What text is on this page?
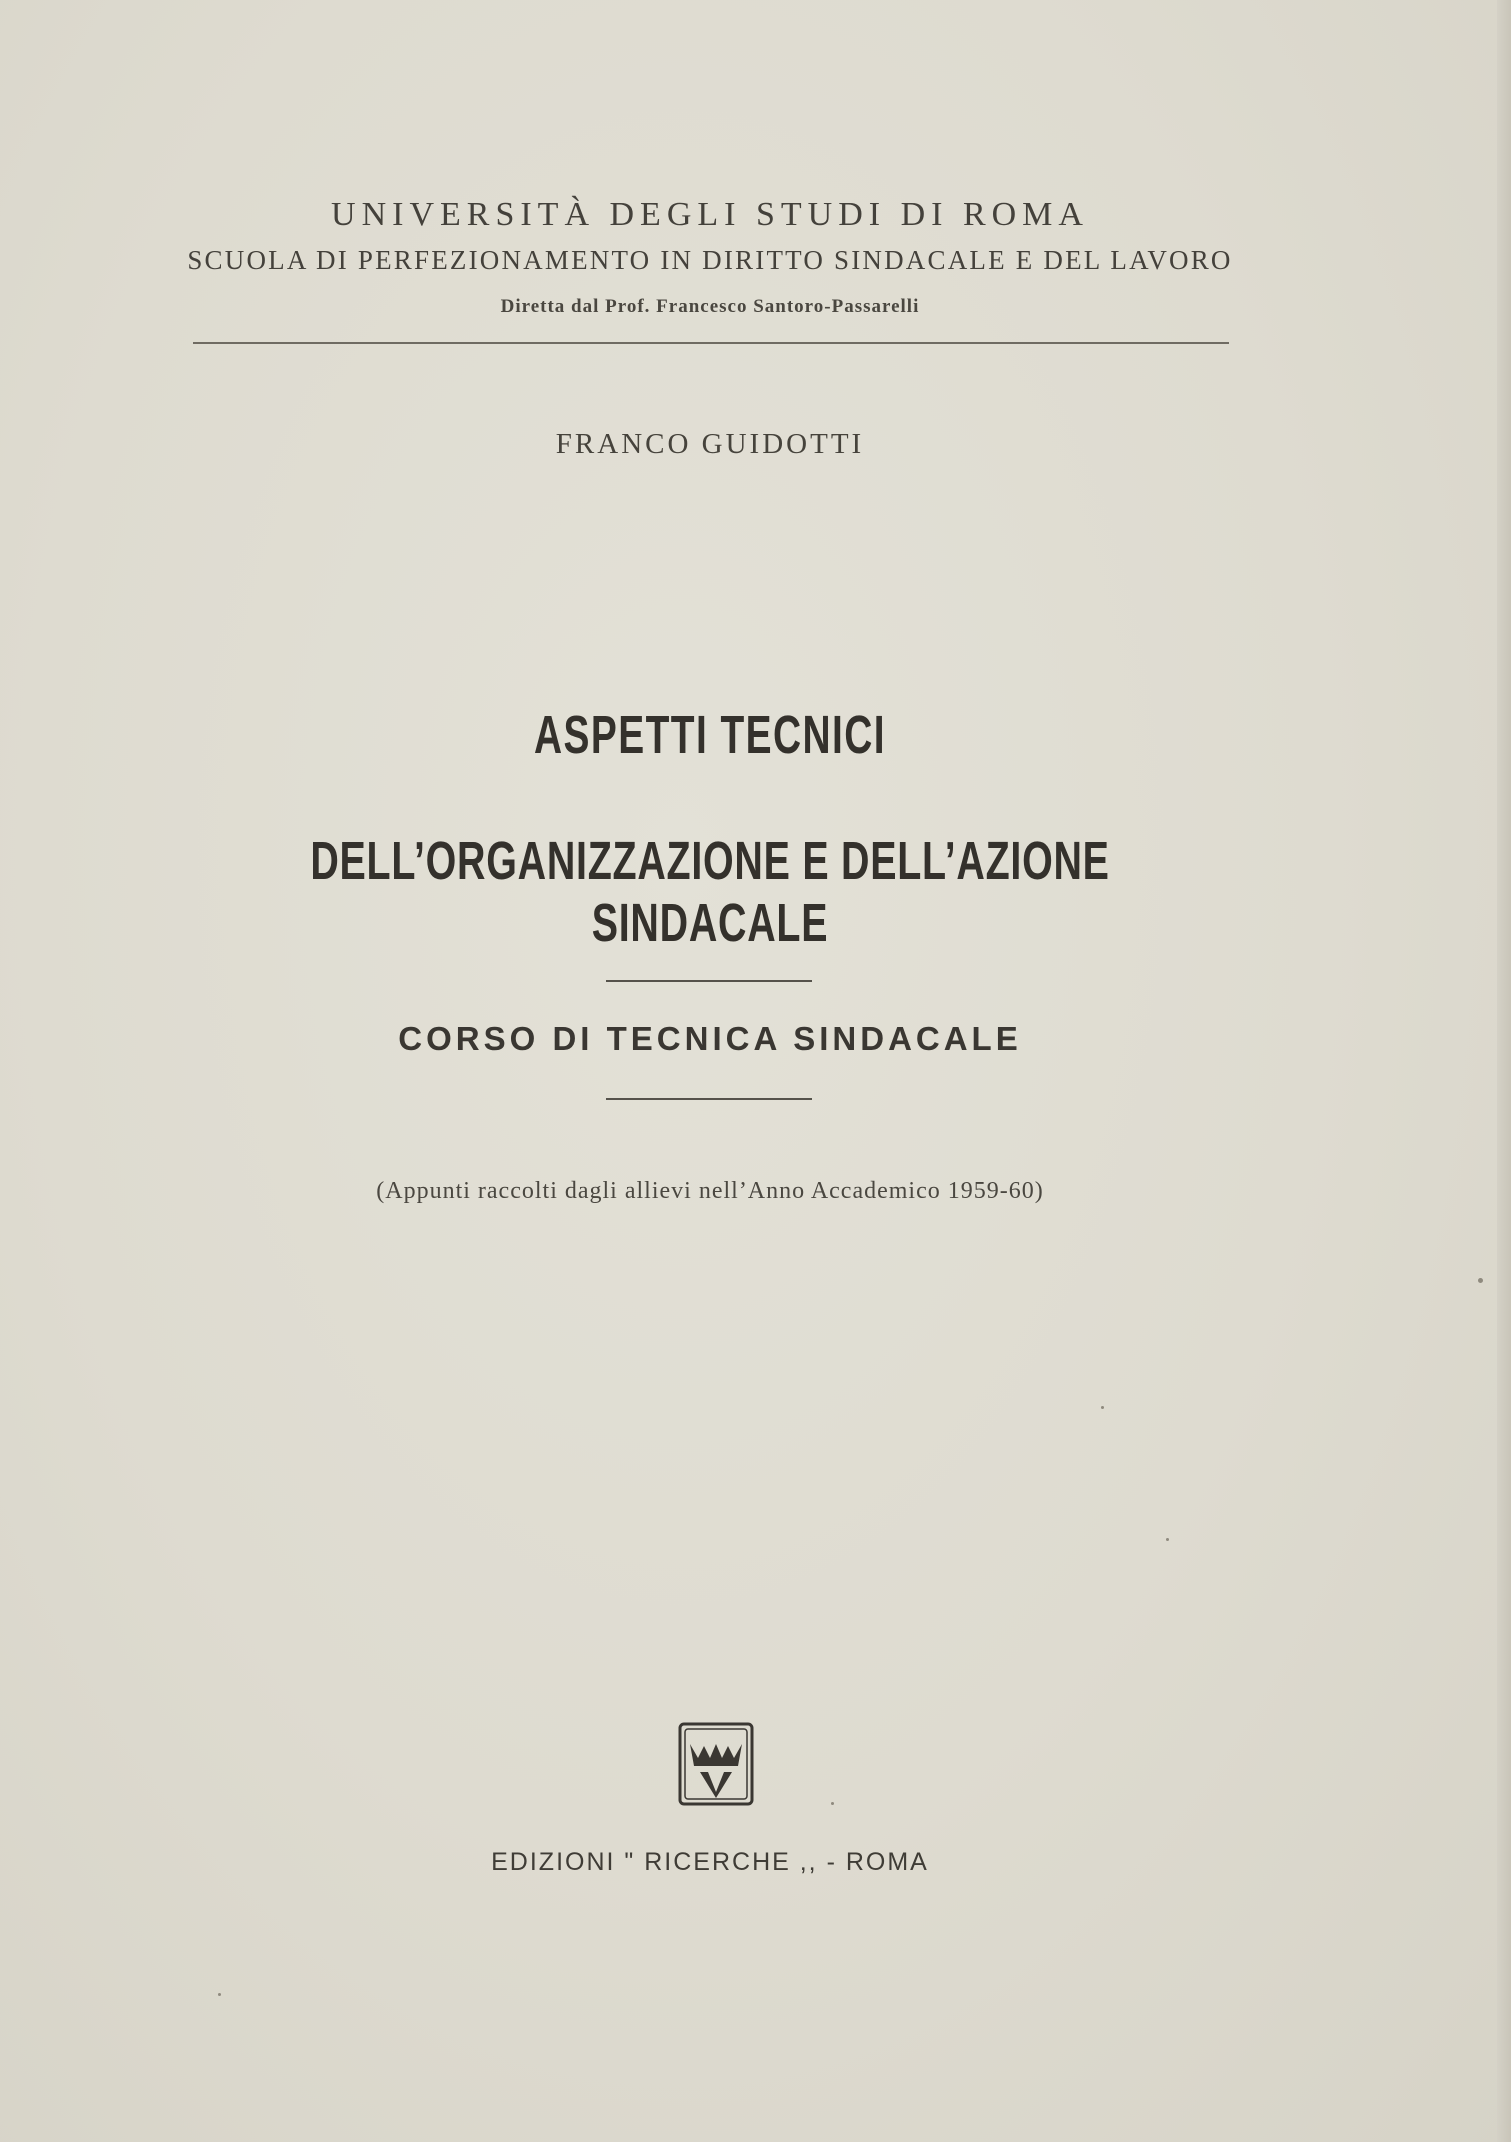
UNIVERSITÀ DEGLI STUDI DI ROMA
SCUOLA DI PERFEZIONAMENTO IN DIRITTO SINDACALE E DEL LAVORO
Diretta dal Prof. Francesco Santoro-Passarelli
FRANCO GUIDOTTI
ASPETTI TECNICI
DELL’ORGANIZZAZIONE E DELL’AZIONE SINDACALE
CORSO DI TECNICA SINDACALE
(Appunti raccolti dagli allievi nell’Anno Accademico 1959-60)
EDIZIONI " RICERCHE ,, - ROMA
